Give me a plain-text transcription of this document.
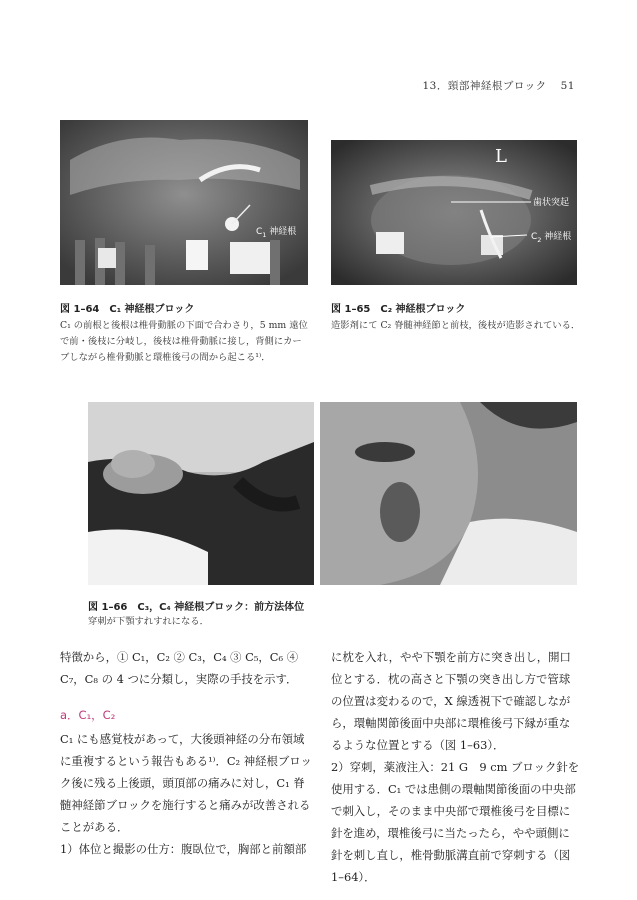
13．頸部神経根ブロック 51
$C_1$ 神経根
図 1–64　C₁ 神経根ブロック
C₁ の前根と後根は椎骨動脈の下面で合わさり，5 mm 遠位で前・後枝に分岐し，後枝は椎骨動脈に接し，背側にカーブしながら椎骨動脈と環椎後弓の間から起こる¹⁾．
L
歯状突起
$C_2$ 神経根
図 1–65　C₂ 神経根ブロック
造影剤にて C₂ 脊髄神経節と前枝，後枝が造影されている．
図 1–66　C₃，C₄ 神経根ブロック：前方法体位
穿刺が下顎すれすれになる．

特徴から，① C₁，C₂ ② C₃，C₄ ③ C₅，C₆ ④ C₇，C₈ の 4 つに分類し，実際の手技を示す．

a．C₁，C₂

C₁ にも感覚枝があって，大後頭神経の分布領域に重複するという報告もある¹⁾．C₂ 神経根ブロック後に残る上後頭，頭頂部の痛みに対し，C₁ 脊髄神経節ブロックを施行すると痛みが改善されることがある．

1）体位と撮影の仕方：腹臥位で，胸部と前額部

に枕を入れ，やや下顎を前方に突き出し，開口位とする．枕の高さと下顎の突き出し方で管球の位置は変わるので，X 線透視下で確認しながら，環軸関節後面中央部に環椎後弓下縁が重なるような位置とする（図 1–63）．

2）穿刺，薬液注入：21 G　9 cm ブロック針を使用する．C₁ では患側の環軸関節後面の中央部で刺入し，そのまま中央部で環椎後弓を目標に針を進め，環椎後弓に当たったら，やや頭側に針を刺し直し，椎骨動脈溝直前で穿刺する（図 1–64）．
